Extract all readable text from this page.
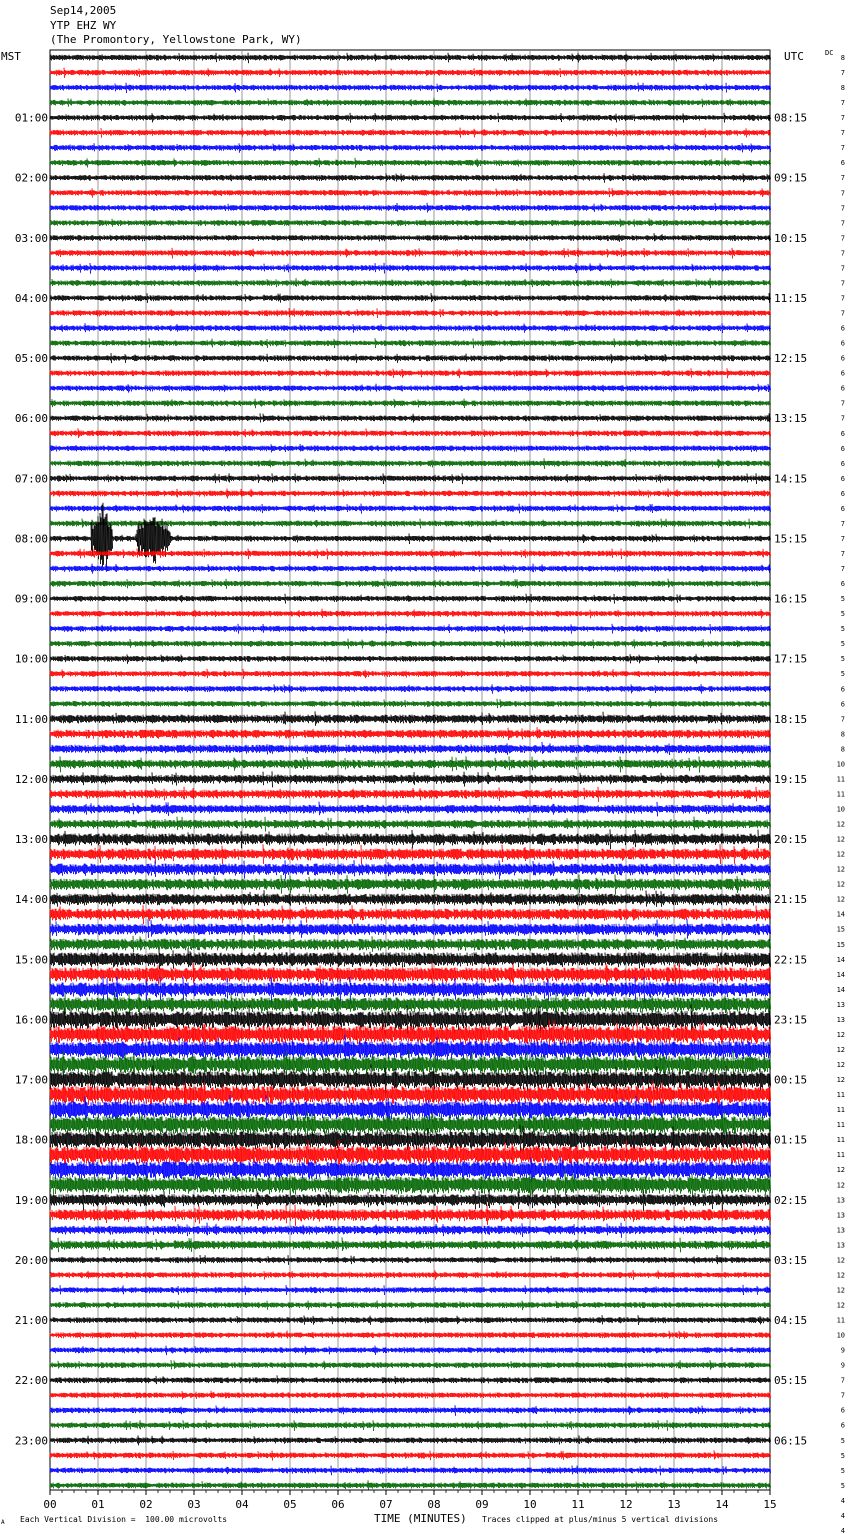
Sep14,2005
YTP EHZ WY
(The Promontory, Yellowstone Park, WY)
MST	UTC	DC
01:00
02:00
03:00
04:00
05:00
06:00
07:00
08:00
09:00
10:00
11:00
12:00
13:00
14:00
15:00
16:00
17:00
18:00
19:00
20:00
21:00
22:00
23:00
08:15
09:15
10:15
11:15
12:15
13:15
14:15
15:15
16:15
17:15
18:15
19:15
20:15
21:15
22:15
23:15
00:15
01:15
02:15
03:15
04:15
05:15
06:15
8
7
8
7
7
7
7
6
7
7
7
7
7
7
7
7
7
7
6
6
6
6
6
7
7
6
6
6
6
6
6
7
7
7
7
6
5
5
5
5
5
5
6
6
7
8
8
10
11
11
10
12
12
12
12
12
12
14
15
15
14
14
14
13
13
12
12
12
12
11
11
11
11
11
12
12
13
13
13
13
12
12
12
12
11
10
9
9
7
7
6
6
5
5
5
5
4
4
4
00	01	02	03	04	05	06	07	08	09	10	11	12	13	14	15
A Each Vertical Division =  100.00 microvolts	TIME (MINUTES) Traces clipped at plus/minus 5 vertical divisions
